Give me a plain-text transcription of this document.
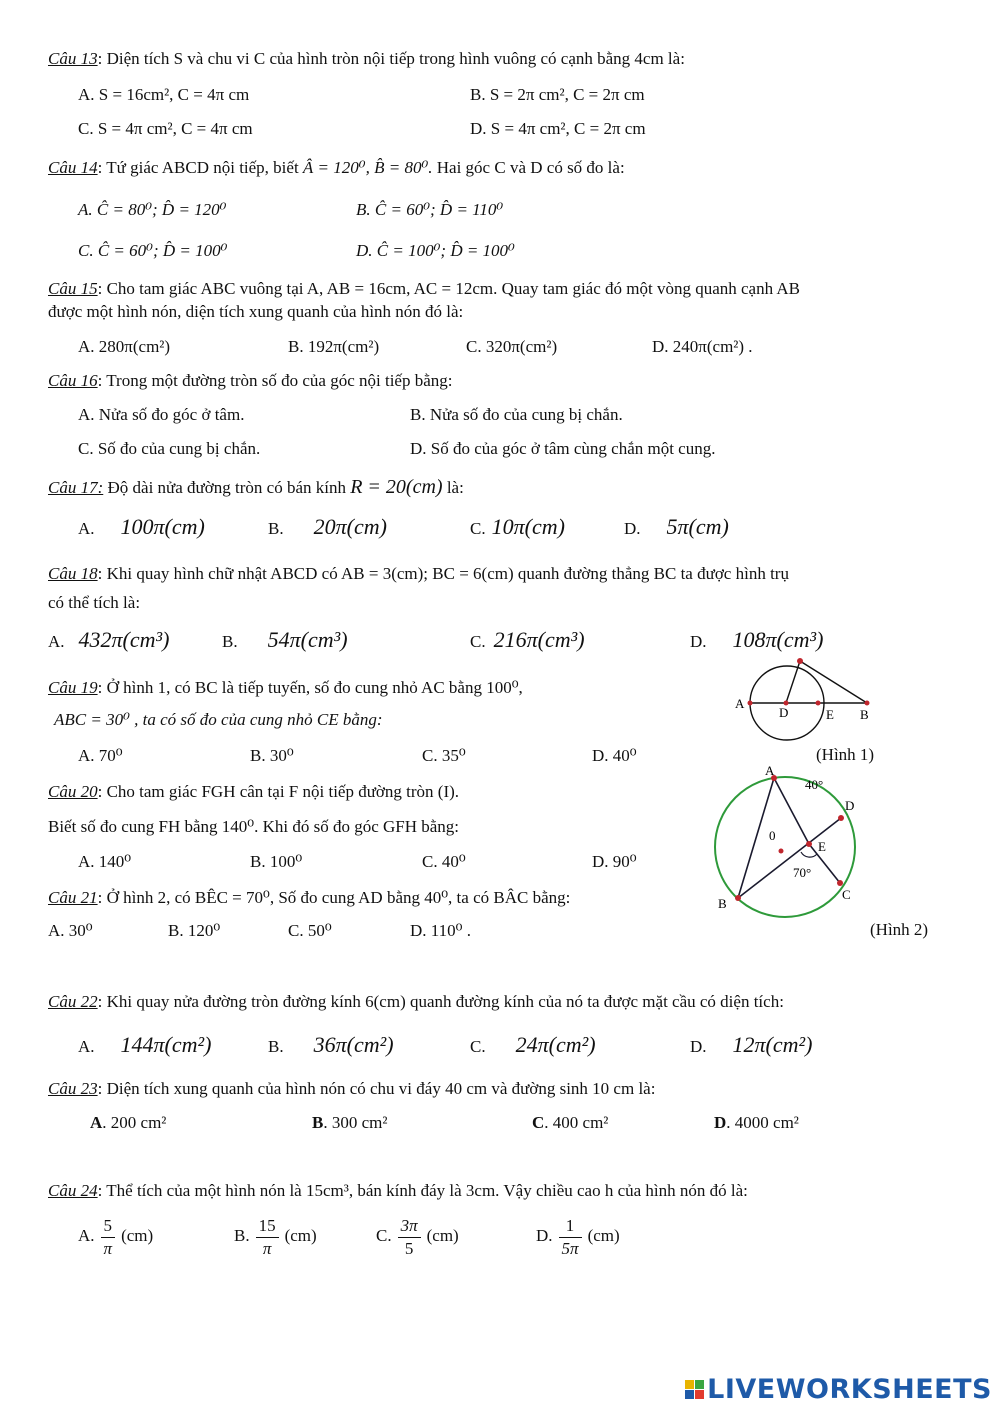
Câu 13: Diện tích S và chu vi C của hình tròn nội tiếp trong hình vuông có cạnh bằng 4cm là:
A. S = 16cm², C = 4π cm	B. S = 2π cm², C = 2π cm
C. S = 4π cm², C = 4π cm	D. S = 4π cm², C = 2π cm
Câu 14: Tứ giác ABCD nội tiếp, biết Â = 120⁰, B̂ = 80⁰. Hai góc C và D có số đo là:
A. Ĉ = 80⁰; D̂ = 120⁰	B. Ĉ = 60⁰; D̂ = 110⁰
C. Ĉ = 60⁰; D̂ = 100⁰	D. Ĉ = 100⁰; D̂ = 100⁰
Câu 15: Cho tam giác ABC vuông tại A, AB = 16cm, AC = 12cm. Quay tam giác đó một vòng quanh cạnh AB
được một hình nón, diện tích xung quanh của hình nón đó là:
A. 280π(cm²)	B. 192π(cm²)	C. 320π(cm²)	D. 240π(cm²) .
Câu 16: Trong một đường tròn số đo của góc nội tiếp bằng:
A. Nửa số đo góc ở tâm.	B. Nửa số đo của cung bị chắn.
C. Số đo của cung bị chắn.	D. Số đo của góc ở tâm cùng chắn một cung.
Câu 17: Độ dài nửa đường tròn có bán kính R = 20(cm) là:
A. 100π(cm)	B. 20π(cm)	C. 10π(cm)	D. 5π(cm)
Câu 18: Khi quay hình chữ nhật ABCD có AB = 3(cm); BC = 6(cm) quanh đường thẳng BC ta được hình trụ
có thể tích là:
A. 432π(cm³)	B. 54π(cm³)	C. 216π(cm³)	D. 108π(cm³)
Câu 19: Ở hình 1, có BC là tiếp tuyến, số đo cung nhỏ AC bằng 100⁰,
ABC = 30⁰ , ta có số đo của cung nhỏ CE bằng:
A. 70⁰	B. 30⁰	C. 35⁰	D. 40⁰	(Hình 1)
A
D	E B
Câu 20: Cho tam giác FGH cân tại F nội tiếp đường tròn (I).
Biết số đo cung FH bằng 140⁰. Khi đó số đo góc GFH bằng:
A. 140⁰	B. 100⁰	C. 40⁰	D. 90⁰
Câu 21: Ở hình 2, có BÊC = 70⁰, Số đo cung AD bằng 40⁰, ta có BÂC bằng:
A. 30⁰	B. 120⁰	C. 50⁰	D. 110⁰ .	(Hình 2)
A
40°
D
0
E
70°
C
B
Câu 22: Khi quay nửa đường tròn đường kính 6(cm) quanh đường kính của nó ta được mặt cầu có diện tích:
A. 144π(cm²)	B. 36π(cm²)	C. 24π(cm²)	D. 12π(cm²)
Câu 23: Diện tích xung quanh của hình nón có chu vi đáy 40 cm và đường sinh 10 cm là:
A. 200 cm²	B. 300 cm²	C. 400 cm²	D. 4000 cm²
Câu 24: Thể tích của một hình nón là 15cm³, bán kính đáy là 3cm. Vậy chiều cao h của hình nón đó là:
A. $\frac{5}{\pi} (cm)$	B. $\frac{15}{\pi} (cm)$	C. $\frac{3\pi}{5} (cm)$	D. $\frac{1}{5\pi} (cm)$
LIVEWORKSHEETS
